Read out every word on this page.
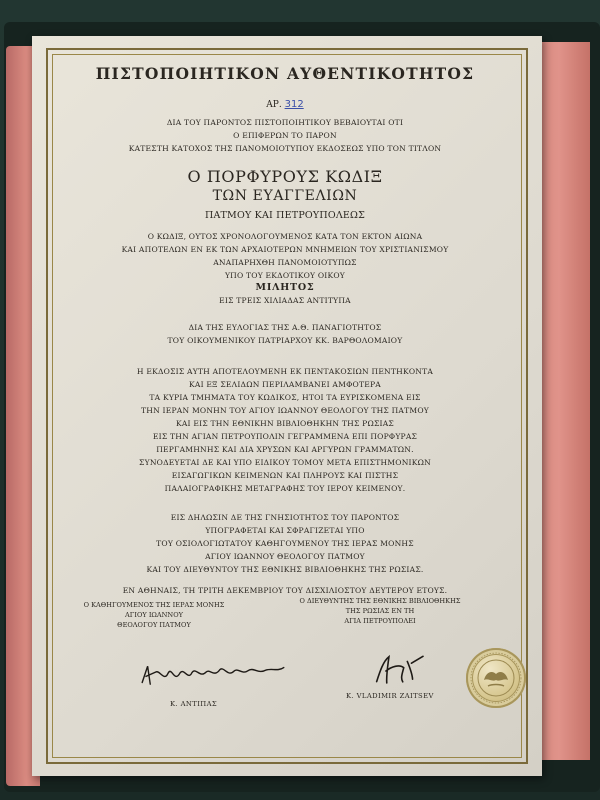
ΠΙΣΤΟΠΟΙΗΤΙΚΟΝ ΑΥΘΕΝΤΙΚΟΤΗΤΟΣ
ΑΡ. 312
ΔΙΑ ΤΟΥ ΠΑΡΟΝΤΟΣ ΠΙΣΤΟΠΟΙΗΤΙΚΟΥ ΒΕΒΑΙΟΥΤΑΙ ΟΤΙ
Ο ΕΠΙΦΕΡΩΝ ΤΟ ΠΑΡΟΝ
ΚΑΤΕΣΤΗ ΚΑΤΟΧΟΣ ΤΗΣ ΠΑΝΟΜΟΙΟΤΥΠΟΥ ΕΚΔΟΣΕΩΣ ΥΠΟ ΤΟΝ ΤΙΤΛΟΝ
Ο ΠΟΡΦΥΡΟΥΣ ΚΩΔΙΞ
ΤΩΝ ΕΥΑΓΓΕΛΙΩΝ
ΠΑΤΜΟΥ ΚΑΙ ΠΕΤΡΟΥΠΟΛΕΩΣ
Ο ΚΩΔΙΞ, ΟΥΤΟΣ ΧΡΟΝΟΛΟΓΟΥΜΕΝΟΣ ΚΑΤΑ ΤΟΝ ΕΚΤΟΝ ΑΙΩΝΑ
ΚΑΙ ΑΠΟΤΕΛΩΝ ΕΝ ΕΚ ΤΩΝ ΑΡΧΑΙΟΤΕΡΩΝ ΜΝΗΜΕΙΩΝ ΤΟΥ ΧΡΙΣΤΙΑΝΙΣΜΟΥ
ΑΝΑΠΑΡΗΧΘΗ ΠΑΝΟΜΟΙΟΤΥΠΩΣ
ΥΠΟ ΤΟΥ ΕΚΔΟΤΙΚΟΥ ΟΙΚΟΥ
ΜΙΛΗΤΟΣ
ΕΙΣ ΤΡΕΙΣ ΧΙΛΙΑΔΑΣ ΑΝΤΙΤΥΠΑ
ΔΙΑ ΤΗΣ ΕΥΛΟΓΙΑΣ ΤΗΣ Α.Θ. ΠΑΝΑΓΙΟΤΗΤΟΣ
ΤΟΥ ΟΙΚΟΥΜΕΝΙΚΟΥ ΠΑΤΡΙΑΡΧΟΥ ΚΚ. ΒΑΡΘΟΛΟΜΑΙΟΥ
Η ΕΚΔΟΣΙΣ ΑΥΤΗ ΑΠΟΤΕΛΟΥΜΕΝΗ ΕΚ ΠΕΝΤΑΚΟΣΙΩΝ ΠΕΝΤΗΚΟΝΤΑ
ΚΑΙ ΕΞ ΣΕΛΙΔΩΝ ΠΕΡΙΛΑΜΒΑΝΕΙ ΑΜΦΟΤΕΡΑ
ΤΑ ΚΥΡΙΑ ΤΜΗΜΑΤΑ ΤΟΥ ΚΩΔΙΚΟΣ, ΗΤΟΙ ΤΑ ΕΥΡΙΣΚΟΜΕΝΑ ΕΙΣ
ΤΗΝ ΙΕΡΑΝ ΜΟΝΗΝ ΤΟΥ ΑΓΙΟΥ ΙΩΑΝΝΟΥ ΘΕΟΛΟΓΟΥ ΤΗΣ ΠΑΤΜΟΥ
ΚΑΙ ΕΙΣ ΤΗΝ ΕΘΝΙΚΗΝ ΒΙΒΛΙΟΘΗΚΗΝ ΤΗΣ ΡΩΣΙΑΣ
ΕΙΣ ΤΗΝ ΑΓΙΑΝ ΠΕΤΡΟΥΠΟΛΙΝ ΓΕΓΡΑΜΜΕΝΑ ΕΠΙ ΠΟΡΦΥΡΑΣ
ΠΕΡΓΑΜΗΝΗΣ ΚΑΙ ΔΙΑ ΧΡΥΣΩΝ ΚΑΙ ΑΡΓΥΡΩΝ ΓΡΑΜΜΑΤΩΝ.
ΣΥΝΟΔΕΥΕΤΑΙ ΔΕ ΚΑΙ ΥΠΟ ΕΙΔΙΚΟΥ ΤΟΜΟΥ ΜΕΤΑ ΕΠΙΣΤΗΜΟΝΙΚΩΝ
ΕΙΣΑΓΩΓΙΚΩΝ ΚΕΙΜΕΝΩΝ ΚΑΙ ΠΛΗΡΟΥΣ ΚΑΙ ΠΙΣΤΗΣ
ΠΑΛΑΙΟΓΡΑΦΙΚΗΣ ΜΕΤΑΓΡΑΦΗΣ ΤΟΥ ΙΕΡΟΥ ΚΕΙΜΕΝΟΥ.
ΕΙΣ ΔΗΛΩΣΙΝ ΔΕ ΤΗΣ ΓΝΗΣΙΟΤΗΤΟΣ ΤΟΥ ΠΑΡΟΝΤΟΣ
ΥΠΟΓΡΑΦΕΤΑΙ ΚΑΙ ΣΦΡΑΓΙΖΕΤΑΙ ΥΠΟ
ΤΟΥ ΟΣΙΟΛΟΓΙΩΤΑΤΟΥ ΚΑΘΗΓΟΥΜΕΝΟΥ ΤΗΣ ΙΕΡΑΣ ΜΟΝΗΣ
ΑΓΙΟΥ ΙΩΑΝΝΟΥ ΘΕΟΛΟΓΟΥ ΠΑΤΜΟΥ
ΚΑΙ ΤΟΥ ΔΙΕΥΘΥΝΤΟΥ ΤΗΣ ΕΘΝΙΚΗΣ ΒΙΒΛΙΟΘΗΚΗΣ ΤΗΣ ΡΩΣΙΑΣ.
ΕΝ ΑΘΗΝΑΙΣ, ΤΗ ΤΡΙΤΗ ΔΕΚΕΜΒΡΙΟΥ ΤΟΥ ΔΙΣΧΙΛΙΟΣΤΟΥ ΔΕΥΤΕΡΟΥ ΕΤΟΥΣ.
Ο ΚΑΘΗΓΟΥΜΕΝΟΣ ΤΗΣ ΙΕΡΑΣ ΜΟΝΗΣ
ΑΓΙΟΥ ΙΩΑΝΝΟΥ
ΘΕΟΛΟΓΟΥ ΠΑΤΜΟΥ
Ο ΔΙΕΥΘΥΝΤΗΣ ΤΗΣ ΕΘΝΙΚΗΣ ΒΙΒΛΙΟΘΗΚΗΣ
ΤΗΣ ΡΩΣΙΑΣ ΕΝ ΤΗ
ΑΓΙΑ ΠΕΤΡΟΥΠΟΛΕΙ
Κ. ΑΝΤΙΠΑΣ
K. VLADIMIR ZAITSEV
